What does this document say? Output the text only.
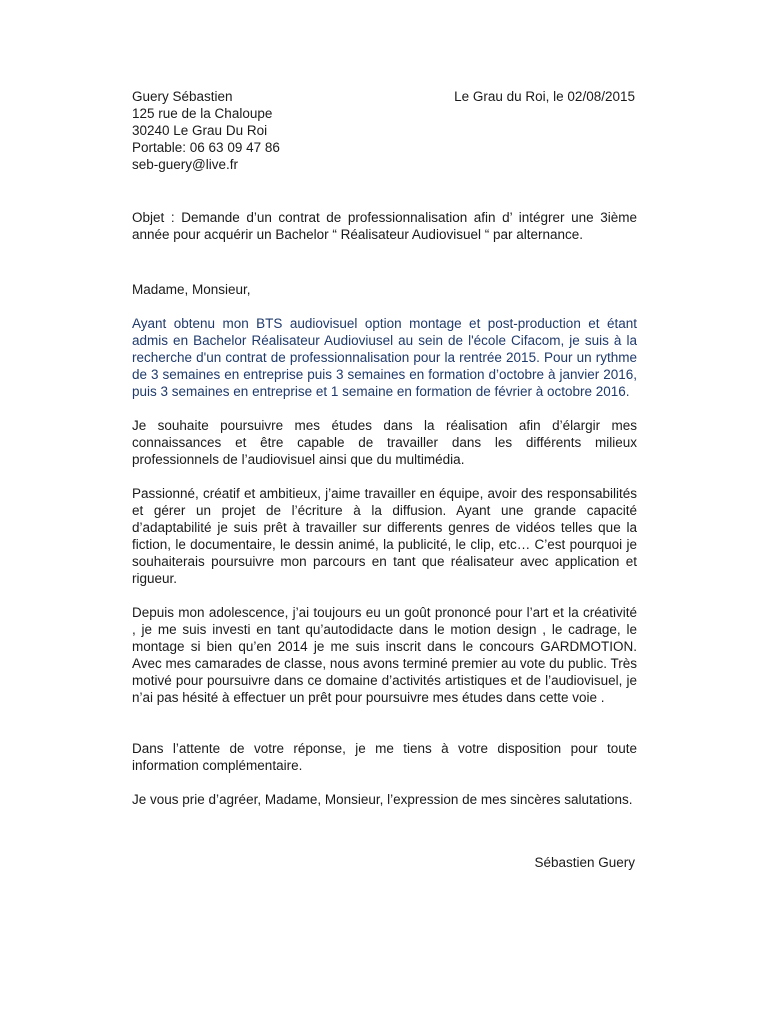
Guery Sébastien	Le Grau du Roi, le 02/08/2015
125 rue de la Chaloupe
30240 Le Grau Du Roi
Portable: 06 63 09 47 86
seb-guery@live.fr
Objet : Demande d’un contrat de professionnalisation afin d’ intégrer une 3ième année pour acquérir un Bachelor “ Réalisateur Audiovisuel “ par alternance.
Madame, Monsieur,
Ayant obtenu mon BTS audiovisuel option montage et post-production et étant admis en Bachelor Réalisateur Audioviusel au sein de l'école Cifacom, je suis à la recherche d'un contrat de professionnalisation pour la rentrée 2015. Pour un rythme de 3 semaines en entreprise puis 3 semaines en formation d’octobre à janvier 2016, puis 3 semaines en entreprise et 1 semaine en formation de février à octobre 2016.
Je souhaite poursuivre mes études dans la réalisation afin d’élargir mes connaissances et être capable de travailler dans les différents milieux professionnels de l’audiovisuel ainsi que du multimédia.
Passionné, créatif et ambitieux, j’aime travailler en équipe, avoir des responsabilités et gérer un projet de l’écriture à la diffusion. Ayant une grande capacité d’adaptabilité je suis prêt à travailler sur differents genres de vidéos telles que la fiction, le documentaire, le dessin animé, la publicité, le clip, etc… C’est pourquoi je souhaiterais poursuivre mon parcours en tant que réalisateur avec application et rigueur.
Depuis mon adolescence, j’ai toujours eu un goût prononcé pour l’art et la créativité , je me suis investi en tant qu’autodidacte dans le motion design , le cadrage, le montage si bien qu’en 2014 je me suis inscrit dans le concours GARDMOTION. Avec mes camarades de classe, nous avons terminé premier au vote du public. Très motivé pour poursuivre dans ce domaine d’activités artistiques et de l’audiovisuel, je n’ai pas hésité à effectuer un prêt pour poursuivre mes études dans cette voie .
Dans l’attente de votre réponse, je me tiens à votre disposition pour toute information complémentaire.
Je vous prie d’agréer, Madame, Monsieur, l’expression de mes sincères salutations.
Sébastien Guery
